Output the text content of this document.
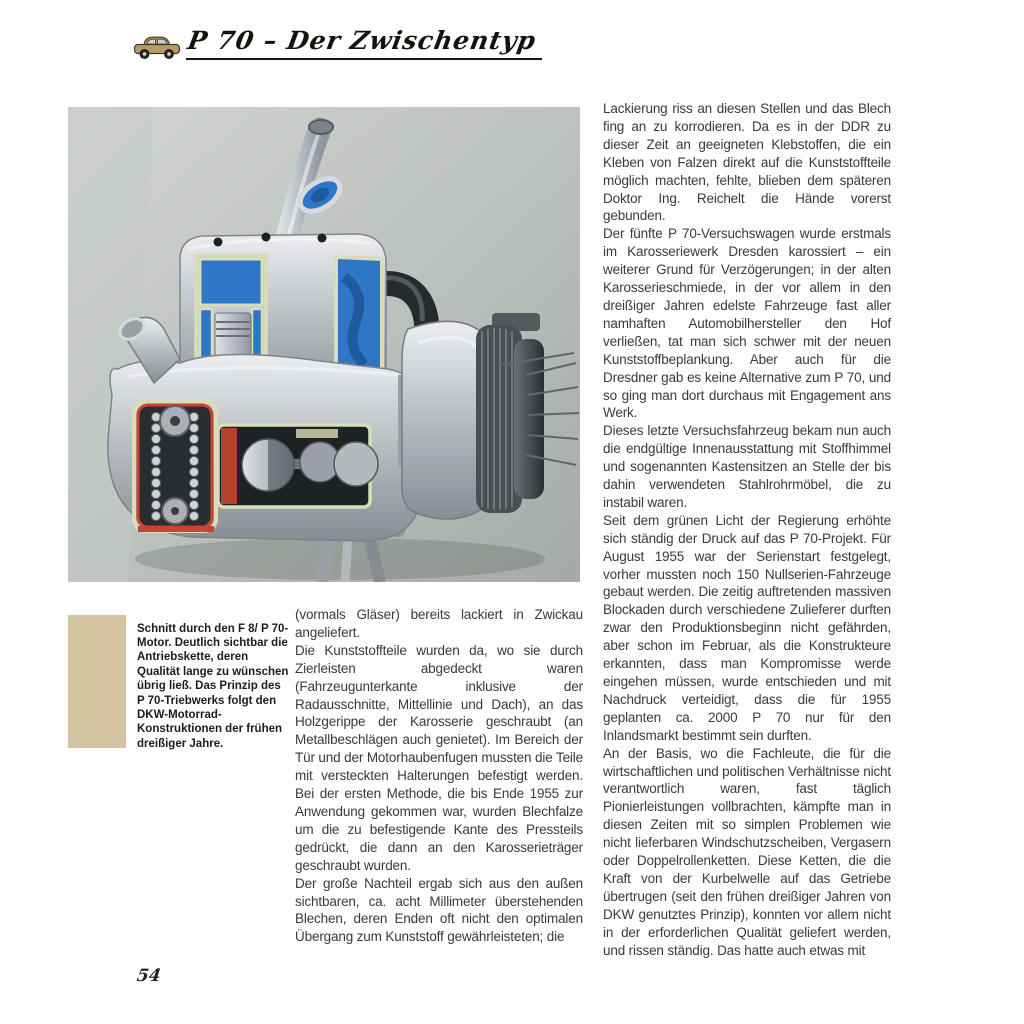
P 70 – Der Zwischentyp

Schnitt durch den F 8/ P 70-Motor. Deutlich sichtbar die Antriebskette, deren Qualität lange zu wünschen übrig ließ. Das Prinzip des P 70-Triebwerks folgt den DKW-Motorrad-Konstruktionen der frühen dreißiger Jahre.

(vormals Gläser) bereits lackiert in Zwickau angeliefert.

Die Kunststoffteile wurden da, wo sie durch Zierleisten abgedeckt waren (Fahrzeugunterkante inklusive der Radausschnitte, Mittellinie und Dach), an das Holzgerippe der Karosserie geschraubt (an Metallbeschlägen auch genietet). Im Bereich der Tür und der Motorhaubenfugen mussten die Teile mit versteckten Halterungen befestigt werden. Bei der ersten Methode, die bis Ende 1955 zur Anwendung gekommen war, wurden Blechfalze um die zu befestigende Kante des Pressteils gedrückt, die dann an den Karosserieträger geschraubt wurden.

Der große Nachteil ergab sich aus den außen sichtbaren, ca. acht Millimeter überstehenden Blechen, deren Enden oft nicht den optimalen Übergang zum Kunststoff gewährleisteten; die

Lackierung riss an diesen Stellen und das Blech fing an zu korrodieren. Da es in der DDR zu dieser Zeit an geeigneten Klebstoffen, die ein Kleben von Falzen direkt auf die Kunststoffteile möglich machten, fehlte, blieben dem späteren Doktor Ing. Reichelt die Hände vorerst gebunden.

Der fünfte P 70-Versuchswagen wurde erstmals im Karosseriewerk Dresden karossiert – ein weiterer Grund für Verzögerungen; in der alten Karosserieschmiede, in der vor allem in den dreißiger Jahren edelste Fahrzeuge fast aller namhaften Automobilhersteller den Hof verließen, tat man sich schwer mit der neuen Kunststoffbeplankung. Aber auch für die Dresdner gab es keine Alternative zum P 70, und so ging man dort durchaus mit Engagement ans Werk.

Dieses letzte Versuchsfahrzeug bekam nun auch die endgültige Innenausstattung mit Stoffhimmel und sogenannten Kastensitzen an Stelle der bis dahin verwendeten Stahlrohrmöbel, die zu instabil waren.

Seit dem grünen Licht der Regierung erhöhte sich ständig der Druck auf das P 70-Projekt. Für August 1955 war der Serienstart festgelegt, vorher mussten noch 150 Nullserien-Fahrzeuge gebaut werden. Die zeitig auftretenden massiven Blockaden durch verschiedene Zulieferer durften zwar den Produktionsbeginn nicht gefährden, aber schon im Februar, als die Konstrukteure erkannten, dass man Kompromisse werde eingehen müssen, wurde entschieden und mit Nachdruck verteidigt, dass die für 1955 geplanten ca. 2000 P 70 nur für den Inlandsmarkt bestimmt sein durften.

An der Basis, wo die Fachleute, die für die wirtschaftlichen und politischen Verhältnisse nicht verantwortlich waren, fast täglich Pionierleistungen vollbrachten, kämpfte man in diesen Zeiten mit so simplen Problemen wie nicht lieferbaren Windschutzscheiben, Vergasern oder Doppelrollenketten. Diese Ketten, die die Kraft von der Kurbelwelle auf das Getriebe übertrugen (seit den frühen dreißiger Jahren von DKW genutztes Prinzip), konnten vor allem nicht in der erforderlichen Qualität geliefert werden, und rissen ständig. Das hatte auch etwas mit

54
